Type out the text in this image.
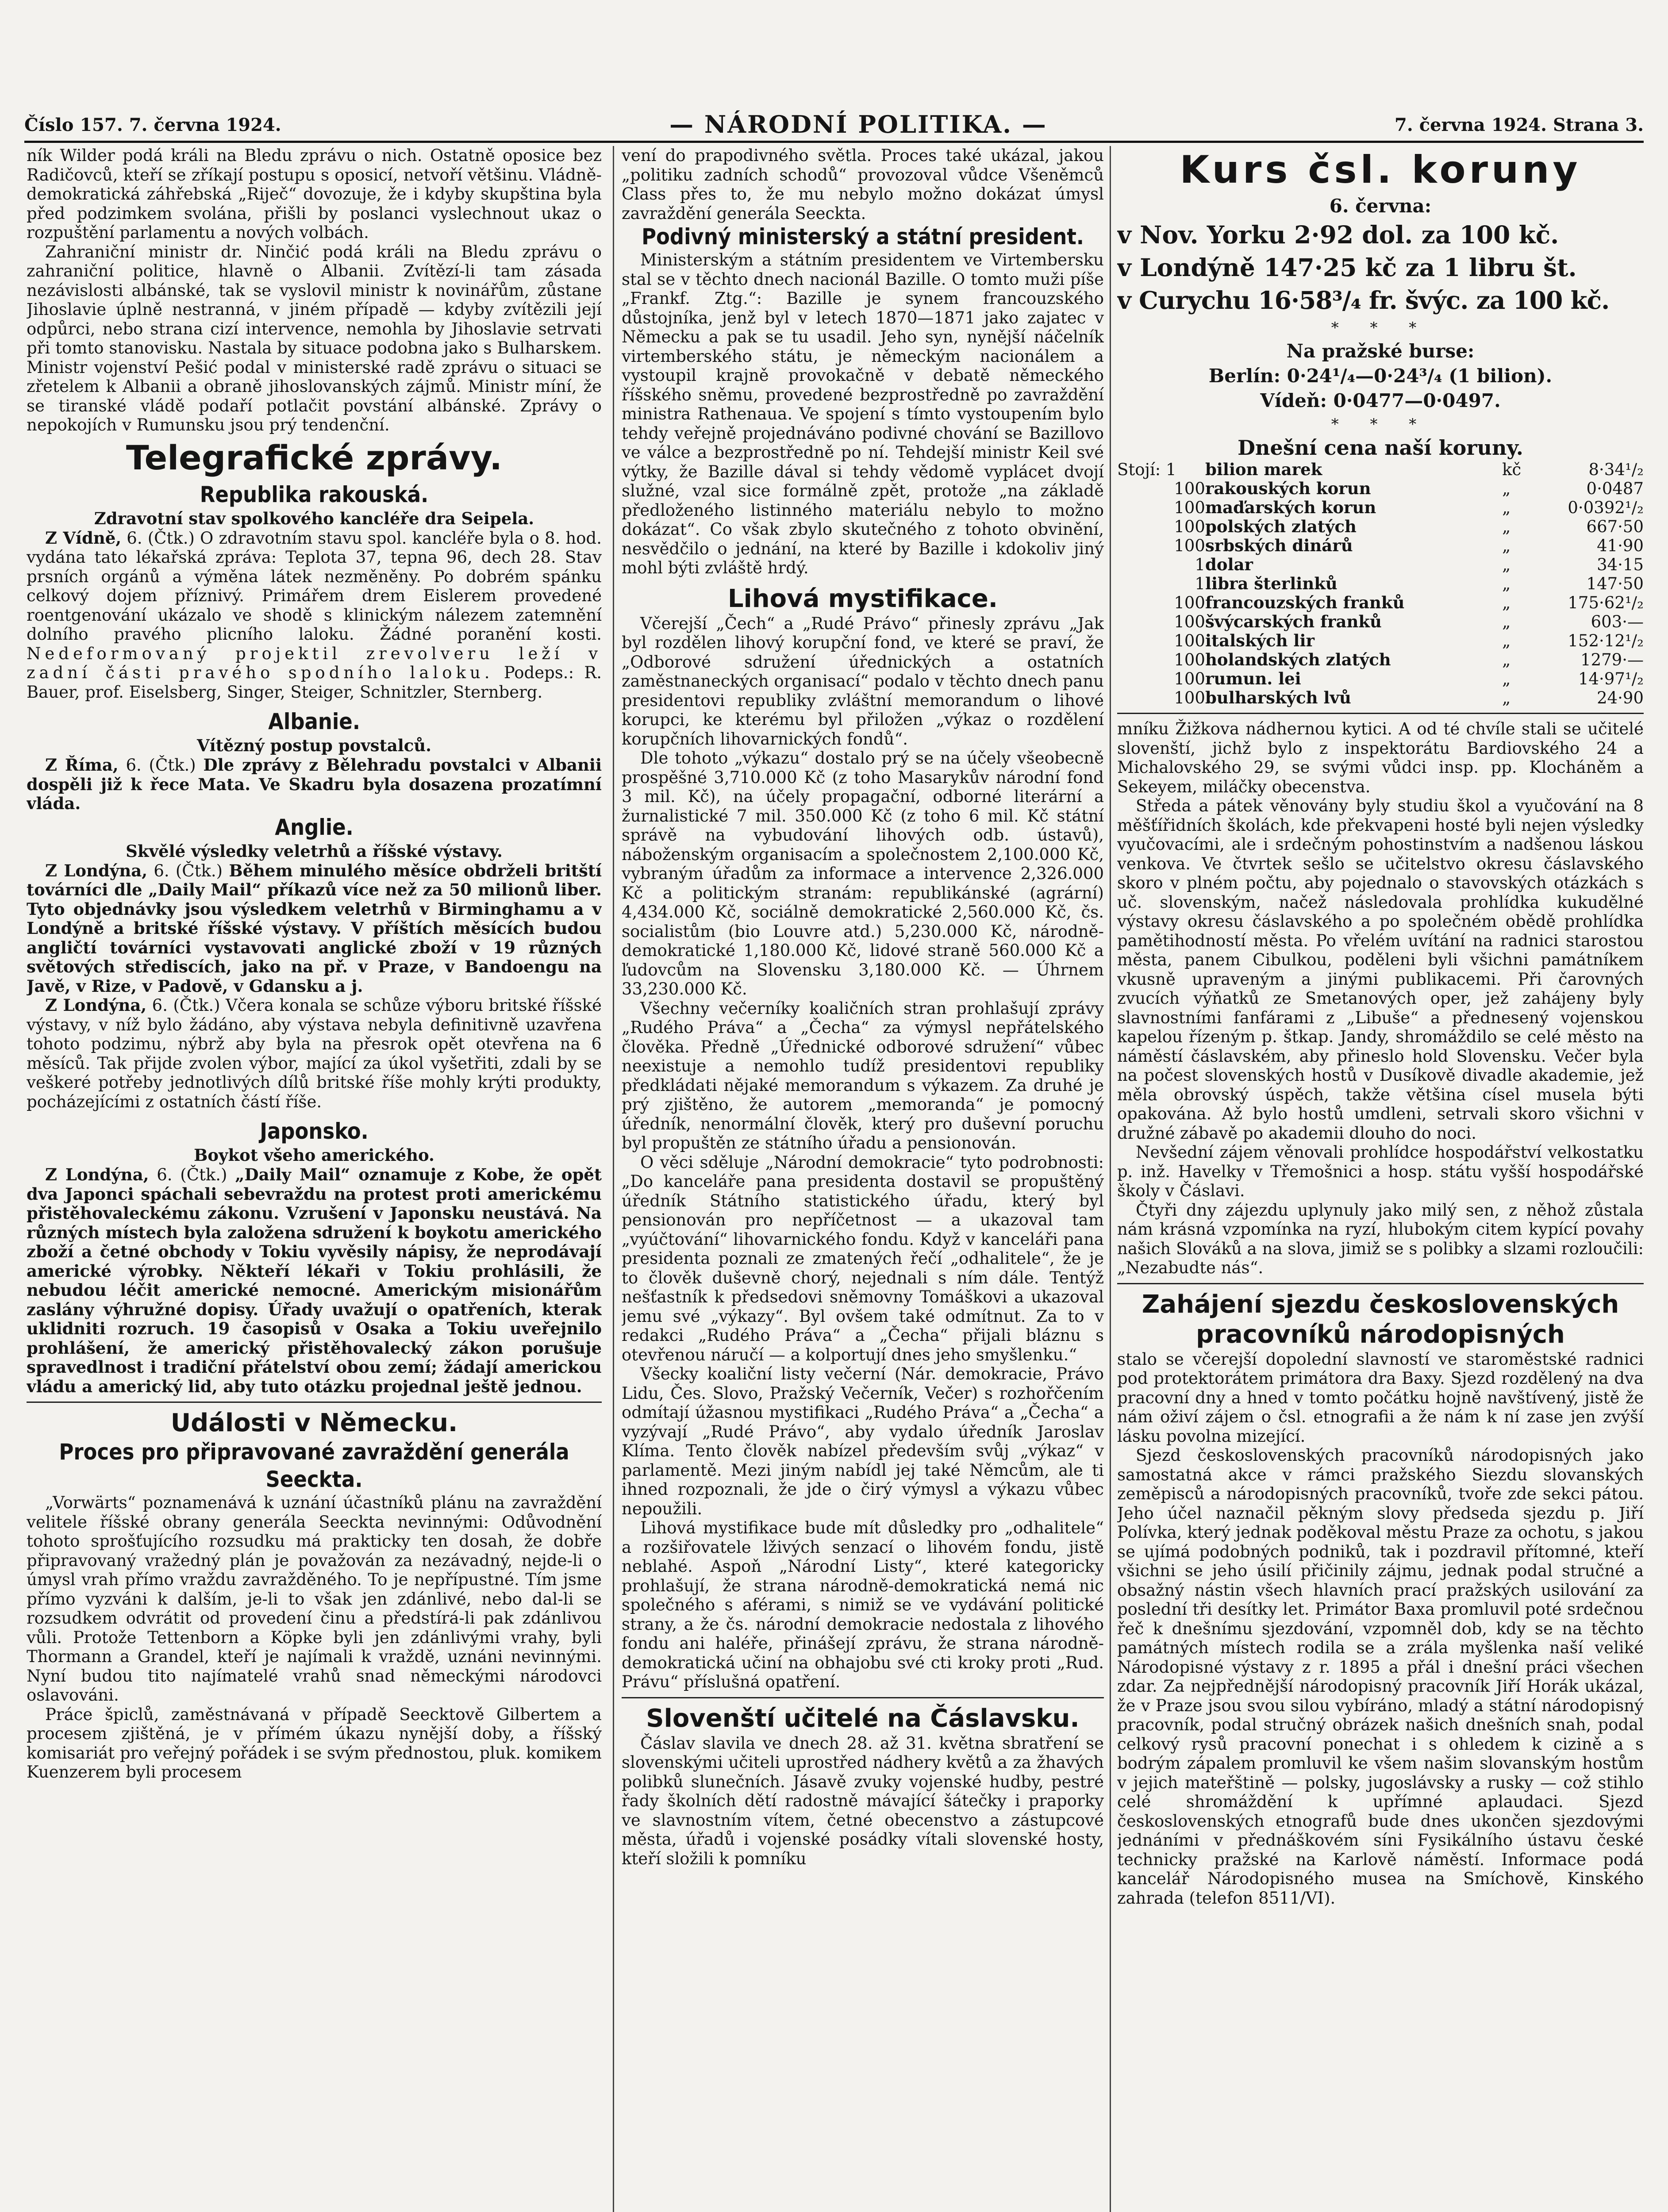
Číslo 157. 7. června 1924.	— NÁRODNÍ POLITIKA. —	7. června 1924. Strana 3.

ník Wilder podá králi na Bledu zprávu o nich. Ostatně oposice bez Radičovců, kteří se zříkají postupu s oposicí, netvoří většinu. Vládně-demokratická záhřebská „Riječ“ dovozuje, že i kdyby skupština byla před podzimkem svolána, přišli by poslanci vyslechnout ukaz o rozpuštění parlamentu a nových volbách.

Zahraniční ministr dr. Ninčić podá králi na Bledu zprávu o zahraniční politice, hlavně o Albanii. Zvítězí-li tam zásada nezávislosti albánské, tak se vyslovil ministr k novinářům, zůstane Jihoslavie úplně nestranná, v jiném případě — kdyby zvítězili její odpůrci, nebo strana cizí intervence, nemohla by Jihoslavie setrvati při tomto stanovisku. Nastala by situace podobna jako s Bulharskem. Ministr vojenství Pešić podal v ministerské radě zprávu o situaci se zřetelem k Albanii a obraně jihoslovanských zájmů. Ministr míní, že se tiranské vládě podaří potlačit povstání albánské. Zprávy o nepokojích v Rumunsku jsou prý tendenční.

Telegrafické zprávy.
Republika rakouská.
Zdravotní stav spolkového kancléře dra Seipela.

Z Vídně, 6. (Čtk.) O zdravotním stavu spol. kancléře byla o 8. hod. vydána tato lékařská zpráva: Teplota 37, tepna 96, dech 28. Stav prsních orgánů a výměna látek nezměněny. Po dobrém spánku celkový dojem příznivý. Primářem drem Eislerem provedené roentgenování ukázalo ve shodě s klinickým nálezem zatemnění dolního pravého plicního laloku. Žádné poranění kosti. Nedeformovaný projektil zrevolveru leží v zadní části pravého spodního laloku. Podeps.: R. Bauer, prof. Eiselsberg, Singer, Steiger, Schnitzler, Sternberg.

Albanie.
Vítězný postup povstalců.

Z Říma, 6. (Čtk.) Dle zprávy z Bělehradu povstalci v Albanii dospěli již k řece Mata. Ve Skadru byla dosazena prozatímní vláda.

Anglie.
Skvělé výsledky veletrhů a říšské výstavy.

Z Londýna, 6. (Čtk.) Během minulého měsíce obdrželi britští továrníci dle „Daily Mail“ příkazů více než za 50 milionů liber. Tyto objednávky jsou výsledkem veletrhů v Birminghamu a v Londýně a britské říšské výstavy. V příštích měsících budou angličtí továrníci vystavovati anglické zboží v 19 různých světových střediscích, jako na př. v Praze, v Bandoengu na Javě, v Rize, v Padově, v Gdansku a j.

Z Londýna, 6. (Čtk.) Včera konala se schůze výboru britské říšské výstavy, v níž bylo žádáno, aby výstava nebyla definitivně uzavřena tohoto podzimu, nýbrž aby byla na přesrok opět otevřena na 6 měsíců. Tak přijde zvolen výbor, mající za úkol vyšetřiti, zdali by se veškeré potřeby jednotlivých dílů britské říše mohly krýti produkty, pocházejícími z ostatních částí říše.

Japonsko.
Boykot všeho amerického.

Z Londýna, 6. (Čtk.) „Daily Mail“ oznamuje z Kobe, že opět dva Japonci spáchali sebevraždu na protest proti americkému přistěhovaleckému zákonu. Vzrušení v Japonsku neustává. Na různých místech byla založena sdružení k boykotu amerického zboží a četné obchody v Tokiu vyvěsily nápisy, že neprodávají americké výrobky. Někteří lékaři v Tokiu prohlásili, že nebudou léčit americké nemocné. Americkým misionářům zaslány výhružné dopisy. Úřady uvažují o opatřeních, kterak uklidniti rozruch. 19 časopisů v Osaka a Tokiu uveřejnilo prohlášení, že americký přistěhovalecký zákon porušuje spravedlnost i tradiční přátelství obou zemí; žádají americkou vládu a americký lid, aby tuto otázku projednal ještě jednou.

Události v Německu.
Proces pro připravované zavraždění generála Seeckta.

„Vorwärts“ poznamenává k uznání účastníků plánu na zavraždění velitele říšské obrany generála Seeckta nevinnými: Odůvodnění tohoto sprošťujícího rozsudku má prakticky ten dosah, že dobře připravovaný vražedný plán je považován za nezávadný, nejde-li o úmysl vrah přímo vraždu zavražděného. To je nepřípustné. Tím jsme přímo vyzváni k dalším, je-li to však jen zdánlivé, nebo dal-li se rozsudkem odvrátit od provedení činu a předstírá-li pak zdánlivou vůli. Protože Tettenborn a Köpke byli jen zdánlivými vrahy, byli Thormann a Grandel, kteří je najímali k vraždě, uznáni nevinnými. Nyní budou tito najímatelé vrahů snad německými národovci oslavováni.

Práce špiclů, zaměstnávaná v případě Seecktově Gilbertem a procesem zjištěná, je v přímém úkazu nynější doby, a říšský komisariát pro veřejný pořádek i se svým přednostou, pluk. komikem Kuenzerem byli procesem

vení do prapodivného světla. Proces také ukázal, jakou „politiku zadních schodů“ provozoval vůdce Všeněmců Class přes to, že mu nebylo možno dokázat úmysl zavraždění generála Seeckta.

Podivný ministerský a státní president.

Ministerským a státním presidentem ve Virtembersku stal se v těchto dnech nacionál Bazille. O tomto muži píše „Frankf. Ztg.“: Bazille je synem francouzského důstojníka, jenž byl v letech 1870—1871 jako zajatec v Německu a pak se tu usadil. Jeho syn, nynější náčelník virtemberského státu, je německým nacionálem a vystoupil krajně provokačně v debatě německého říšského sněmu, provedené bezprostředně po zavraždění ministra Rathenaua. Ve spojení s tímto vystoupením bylo tehdy veřejně projednáváno podivné chování se Bazillovo ve válce a bezprostředně po ní. Tehdejší ministr Keil své výtky, že Bazille dával si tehdy vědomě vyplácet dvojí služné, vzal sice formálně zpět, protože „na základě předloženého listinného materiálu nebylo to možno dokázat“. Co však zbylo skutečného z tohoto obvinění, nesvědčilo o jednání, na které by Bazille i kdokoliv jiný mohl býti zvláště hrdý.

Lihová mystifikace.

Včerejší „Čech“ a „Rudé Právo“ přinesly zprávu „Jak byl rozdělen lihový korupční fond, ve které se praví, že „Odborové sdružení úřednických a ostatních zaměstnaneckých organisací“ podalo v těchto dnech panu presidentovi republiky zvláštní memorandum o lihové korupci, ke kterému byl přiložen „výkaz o rozdělení korupčních lihovarnických fondů“.

Dle tohoto „výkazu“ dostalo prý se na účely všeobecně prospěšné 3,710.000 Kč (z toho Masarykův národní fond 3 mil. Kč), na účely propagační, odborné literární a žurnalistické 7 mil. 350.000 Kč (z toho 6 mil. Kč státní správě na vybudování lihových odb. ústavů), náboženským organisacím a společnostem 2,100.000 Kč, vybraným úřadům za informace a intervence 2,326.000 Kč a politickým stranám: republikánské (agrární) 4,434.000 Kč, sociálně demokratické 2,560.000 Kč, čs. socialistům (bio Louvre atd.) 5,230.000 Kč, národně-demokratické 1,180.000 Kč, lidové straně 560.000 Kč a ľudovcům na Slovensku 3,180.000 Kč. — Úhrnem 33,230.000 Kč.

Všechny večerníky koaličních stran prohlašují zprávy „Rudého Práva“ a „Čecha“ za výmysl nepřátelského člověka. Předně „Úřednické odborové sdružení“ vůbec neexistuje a nemohlo tudíž presidentovi republiky předkládati nějaké memorandum s výkazem. Za druhé je prý zjištěno, že autorem „memoranda“ je pomocný úředník, nenormální člověk, který pro duševní poruchu byl propuštěn ze státního úřadu a pensionován.

O věci sděluje „Národní demokracie“ tyto podrobnosti: „Do kanceláře pana presidenta dostavil se propuštěný úředník Státního statistického úřadu, který byl pensionován pro nepříčetnost — a ukazoval tam „vyúčtování“ lihovarnického fondu. Když v kanceláři pana presidenta poznali ze zmatených řečí „odhalitele“, že je to člověk duševně chorý, nejednali s ním dále. Tentýž nešťastník k předsedovi sněmovny Tomáškovi a ukazoval jemu své „výkazy“. Byl ovšem také odmítnut. Za to v redakci „Rudého Práva“ a „Čecha“ přijali bláznu s otevřenou náručí — a kolportují dnes jeho smyšlenku.“

Všecky koaliční listy večerní (Nár. demokracie, Právo Lidu, Čes. Slovo, Pražský Večerník, Večer) s rozhořčením odmítají úžasnou mystifikaci „Rudého Práva“ a „Čecha“ a vyzývají „Rudé Právo“, aby vydalo úředník Jaroslav Klíma. Tento člověk nabízel především svůj „výkaz“ v parlamentě. Mezi jiným nabídl jej také Němcům, ale ti ihned rozpoznali, že jde o čirý výmysl a výkazu vůbec nepoužili.

Lihová mystifikace bude mít důsledky pro „odhalitele“ a rozšiřovatele lživých senzací o lihovém fondu, jistě neblahé. Aspoň „Národní Listy“, které kategoricky prohlašují, že strana národně-demokratická nemá nic společného s aférami, s nimiž se ve vydávání politické strany, a že čs. národní demokracie nedostala z lihového fondu ani haléře, přinášejí zprávu, že strana národně-demokratická učiní na obhajobu své cti kroky proti „Rud. Právu“ příslušná opatření.

Slovenští učitelé na Čáslavsku.

Čáslav slavila ve dnech 28. až 31. května sbratření se slovenskými učiteli uprostřed nádhery květů a za žhavých polibků slunečních. Jásavě zvuky vojenské hudby, pestré řady školních dětí radostně mávající šátečky i praporky ve slavnostním vítem, četné obecenstvo a zástupcové města, úřadů i vojenské posádky vítali slovenské hosty, kteří složili k pomníku

Kurs čsl. koruny
6. června:
v Nov. Yorku 2·92 dol. za 100 kč.
v Londýně 147·25 kč za 1 libru št.
v Curychu 16·58³/₄ fr. švýc. za 100 kč.
* * *
Na pražské burse:
Berlín: 0·24¹/₄—0·24³/₄ (1 bilion).
Vídeň: 0·0477—0·0497.
* * *
Dnešní cena naší koruny.
Stojí: 1	bilion marek	kč	8·34¹/₂
100	rakouských korun	„	0·0487
100	maďarských korun	„	0·0392¹/₂
100	polských zlatých	„	667·50
100	srbských dinárů	„	41·90
1	dolar	„	34·15
1	libra šterlinků	„	147·50
100	francouzských franků	„	175·62¹/₂
100	švýcarských franků	„	603·—
100	italských lir	„	152·12¹/₂
100	holandských zlatých	„	1279·—
100	rumun. lei	„	14·97¹/₂
100	bulharských lvů	„	24·90

mníku Žižkova nádhernou kytici. A od té chvíle stali se učitelé slovenští, jichž bylo z inspektorátu Bardiovského 24 a Michalovského 29, se svými vůdci insp. pp. Klocháněm a Sekeyem, miláčky obecenstva.

Středa a pátek věnovány byly studiu škol a vyučování na 8 měšťířidních školách, kde překvapeni hosté byli nejen výsledky vyučovacími, ale i srdečným pohostinstvím a nadšenou láskou venkova. Ve čtvrtek sešlo se učitelstvo okresu čáslavského skoro v plném počtu, aby pojednalo o stavovských otázkách s uč. slovenským, načež následovala prohlídka kukudělné výstavy okresu čáslavského a po společném obědě prohlídka pamětihodností města. Po vřelém uvítání na radnici starostou města, panem Cibulkou, poděleni byli všichni památníkem vkusně upraveným a jinými publikacemi. Při čarovných zvucích výňatků ze Smetanových oper, jež zahájeny byly slavnostními fanfárami z „Libuše“ a přednesený vojenskou kapelou řízeným p. štkap. Jandy, shromáždilo se celé město na náměstí čáslavském, aby přineslo hold Slovensku. Večer byla na počest slovenských hostů v Dusíkově divadle akademie, jež měla obrovský úspěch, takže většina císel musela býti opakována. Až bylo hostů umdleni, setrvali skoro všichni v družné zábavě po akademii dlouho do noci.

Nevšední zájem věnovali prohlídce hospodářství velkostatku p. inž. Havelky v Třemošnici a hosp. státu vyšší hospodářské školy v Čáslavi.

Čtyři dny zájezdu uplynuly jako milý sen, z něhož zůstala nám krásná vzpomínka na ryzí, hlubokým citem kypící povahy našich Slováků a na slova, jimiž se s polibky a slzami rozloučili: „Nezabudte nás“.

Zahájení sjezdu československých pracovníků národopisných

stalo se včerejší dopolední slavností ve staroměstské radnici pod protektorátem primátora dra Baxy. Sjezd rozdělený na dva pracovní dny a hned v tomto počátku hojně navštívený, jistě že nám oživí zájem o čsl. etnografii a že nám k ní zase jen zvýší lásku povolna mizející.

Sjezd československých pracovníků národopisných jako samostatná akce v rámci pražského Siezdu slovanských zeměpisců a národopisných pracovníků, tvoře zde sekci pátou. Jeho účel naznačil pěkným slovy předseda sjezdu p. Jiří Polívka, který jednak poděkoval městu Praze za ochotu, s jakou se ujímá podobných podniků, tak i pozdravil přítomné, kteří všichni se jeho úsilí přičinily zájmu, jednak podal stručné a obsažný nástin všech hlavních prací pražských usilování za poslední tři desítky let. Primátor Baxa promluvil poté srdečnou řeč k dnešnímu sjezdování, vzpomněl dob, kdy se na těchto památných místech rodila se a zrála myšlenka naší veliké Národopisné výstavy z r. 1895 a přál i dnešní práci všechen zdar. Za nejpřednější národopisný pracovník Jiří Horák ukázal, že v Praze jsou svou silou vybíráno, mladý a státní národopisný pracovník, podal stručný obrázek našich dnešních snah, podal celkový rysů pracovní ponechat i s ohledem k cizině a s bodrým zápalem promluvil ke všem našim slovanským hostům v jejich mateřštině — polsky, jugoslávsky a rusky — což stihlo celé shromáždění k upřímné aplaudaci. Sjezd československých etnografů bude dnes ukončen sjezdovými jednáními v přednáškovém síni Fysikálního ústavu české technicky pražské na Karlově náměstí. Informace podá kancelář Národopisného musea na Smíchově, Kinského zahrada (telefon 8511/VI).
